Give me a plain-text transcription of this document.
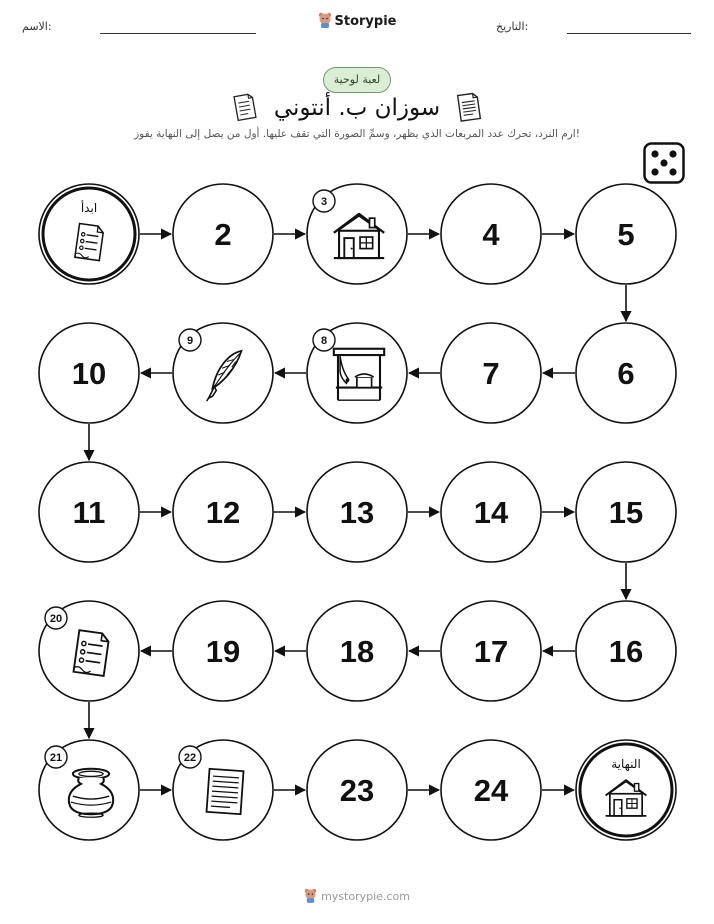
الاسم:	Storypie	التاريخ:
لعبة لوحية
سوزان ب. أنتوني
ارم النرد، تحرك عدد المربعات الذي يظهر، وسمِّ الصورة التي تقف عليها. أول من يصل إلى النهاية يفوز!
ابدأ
2
3
4	5
6
7
8
9
10
11	12	13	14	15
16
17
18
19
20
21	22
23	24
النهاية
mystorypie.com
